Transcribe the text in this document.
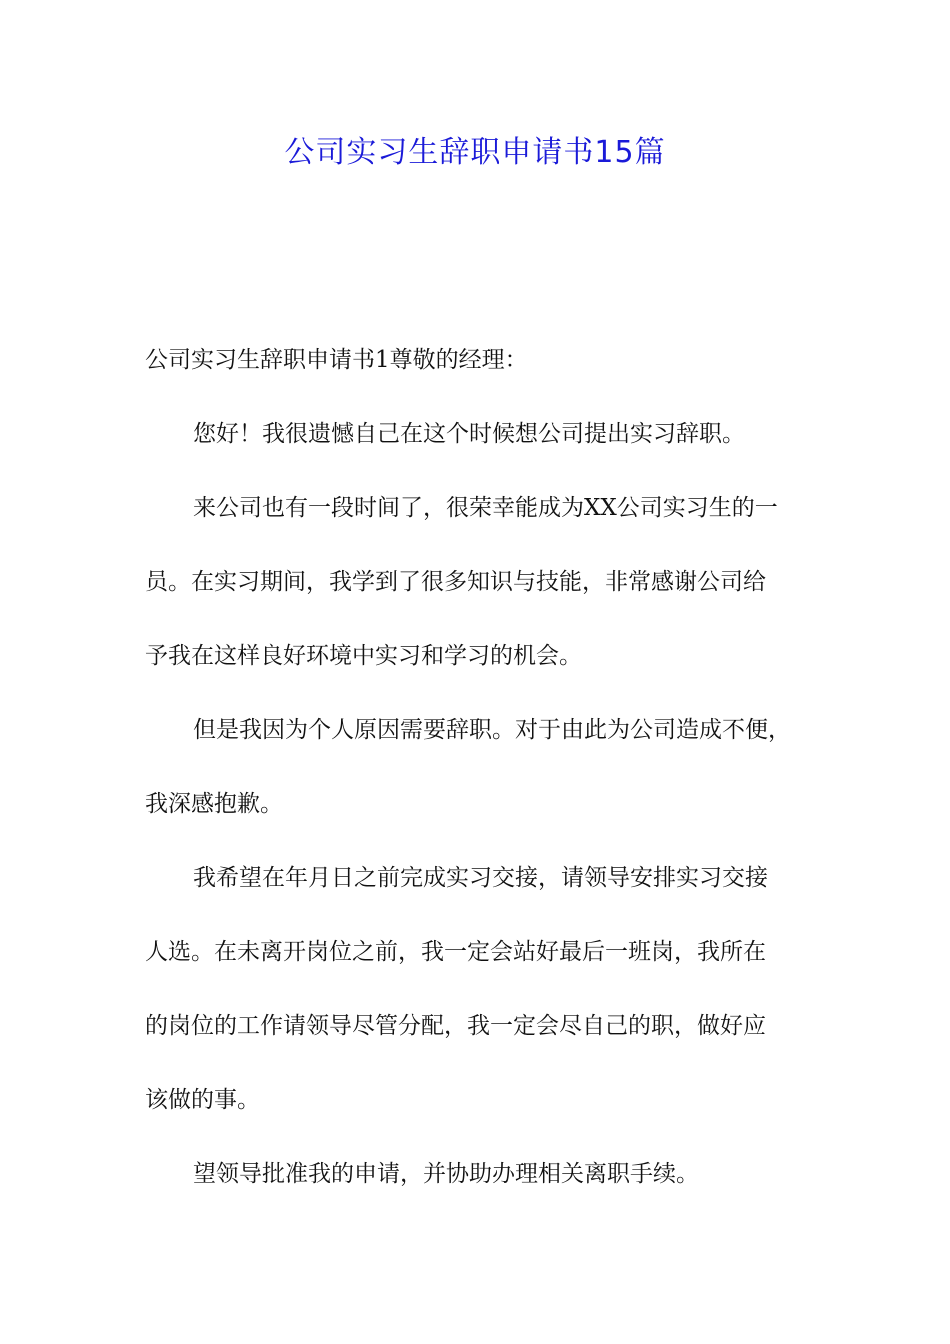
公司实习生辞职申请书15篇
公司实习生辞职申请书1尊敬的经理：
您好！我很遗憾自己在这个时候想公司提出实习辞职。
来公司也有一段时间了，很荣幸能成为XX公司实习生的一
员。在实习期间，我学到了很多知识与技能，非常感谢公司给
予我在这样良好环境中实习和学习的机会。
但是我因为个人原因需要辞职。对于由此为公司造成不便，
我深感抱歉。
我希望在年月日之前完成实习交接，请领导安排实习交接
人选。在未离开岗位之前，我一定会站好最后一班岗，我所在
的岗位的工作请领导尽管分配，我一定会尽自己的职，做好应
该做的事。
望领导批准我的申请，并协助办理相关离职手续。
